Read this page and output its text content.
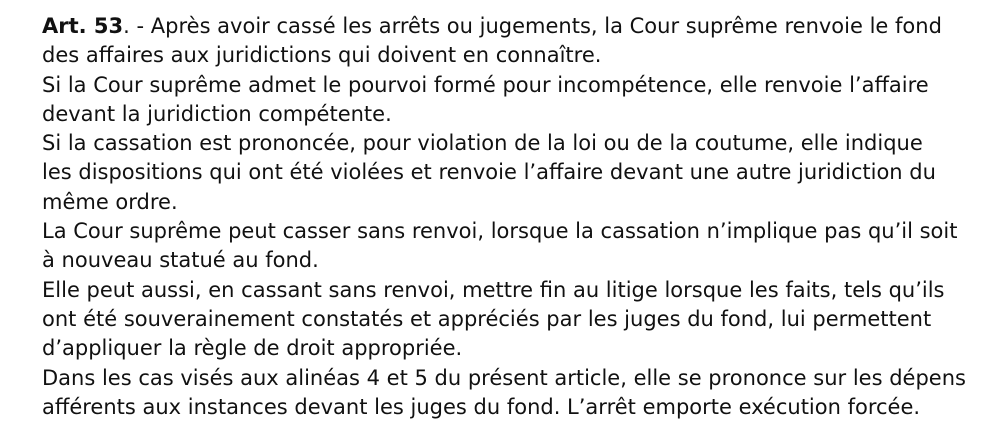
Art. 53. - Après avoir cassé les arrêts ou jugements, la Cour suprême renvoie le fond
des affaires aux juridictions qui doivent en connaître.
Si la Cour suprême admet le pourvoi formé pour incompétence, elle renvoie l’affaire
devant la juridiction compétente.
Si la cassation est prononcée, pour violation de la loi ou de la coutume, elle indique
les dispositions qui ont été violées et renvoie l’affaire devant une autre juridiction du
même ordre.
La Cour suprême peut casser sans renvoi, lorsque la cassation n’implique pas qu’il soit
à nouveau statué au fond.
Elle peut aussi, en cassant sans renvoi, mettre fin au litige lorsque les faits, tels qu’ils
ont été souverainement constatés et appréciés par les juges du fond, lui permettent
d’appliquer la règle de droit appropriée.
Dans les cas visés aux alinéas 4 et 5 du présent article, elle se prononce sur les dépens
afférents aux instances devant les juges du fond. L’arrêt emporte exécution forcée.
